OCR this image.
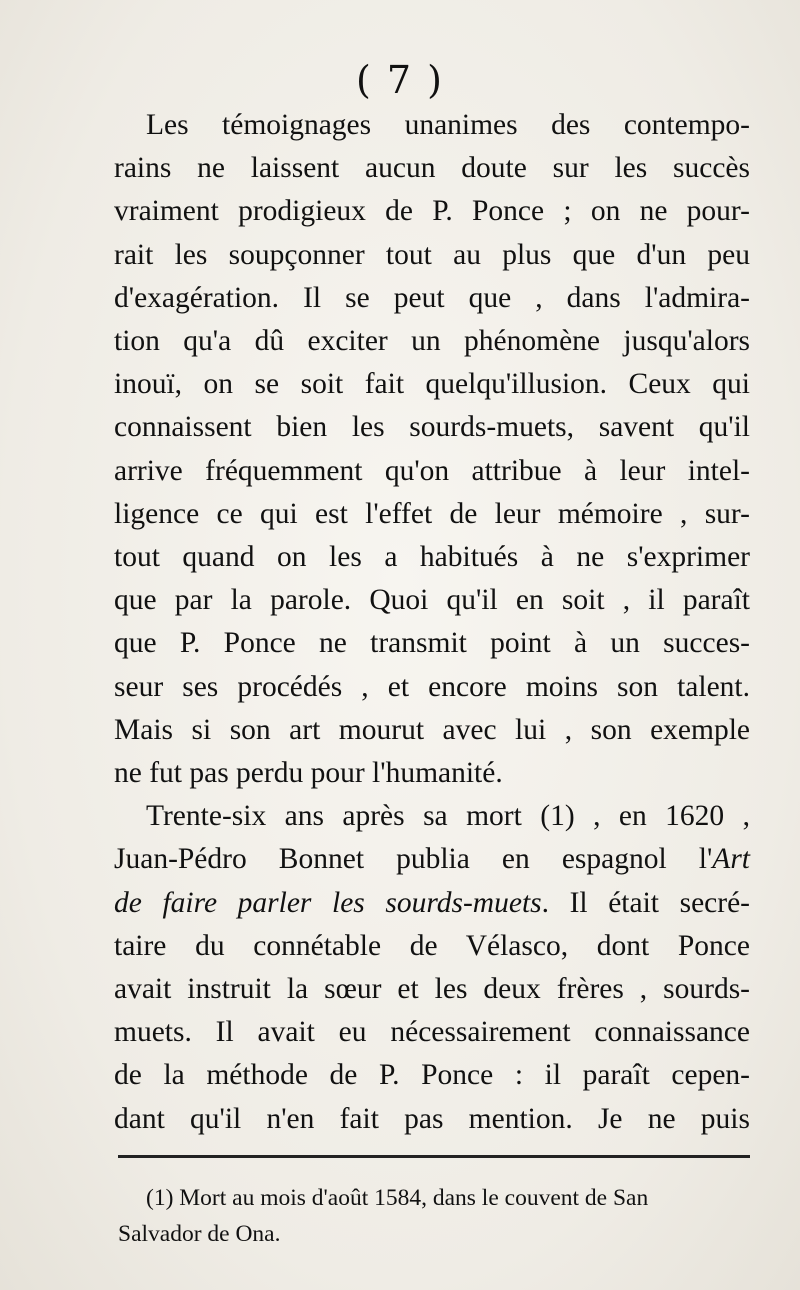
( 7 )

Les témoignages unanimes des contempo-
rains ne laissent aucun doute sur les succès
vraiment prodigieux de P. Ponce ; on ne pour-
rait les soupçonner tout au plus que d'un peu
d'exagération. Il se peut que , dans l'admira-
tion qu'a dû exciter un phénomène jusqu'alors
inouï, on se soit fait quelqu'illusion. Ceux qui
connaissent bien les sourds-muets, savent qu'il
arrive fréquemment qu'on attribue à leur intel-
ligence ce qui est l'effet de leur mémoire , sur-
tout quand on les a habitués à ne s'exprimer
que par la parole. Quoi qu'il en soit , il paraît
que P. Ponce ne transmit point à un succes-
seur ses procédés , et encore moins son talent.
Mais si son art mourut avec lui , son exemple
ne fut pas perdu pour l'humanité.

Trente-six ans après sa mort (1) , en 1620 ,
Juan-Pédro Bonnet publia en espagnol l'Art
de faire parler les sourds-muets. Il était secré-
taire du connétable de Vélasco, dont Ponce
avait instruit la sœur et les deux frères , sourds-
muets. Il avait eu nécessairement connaissance
de la méthode de P. Ponce : il paraît cepen-
dant qu'il n'en fait pas mention. Je ne puis

(1) Mort au mois d'août 1584, dans le couvent de San
Salvador de Ona.
